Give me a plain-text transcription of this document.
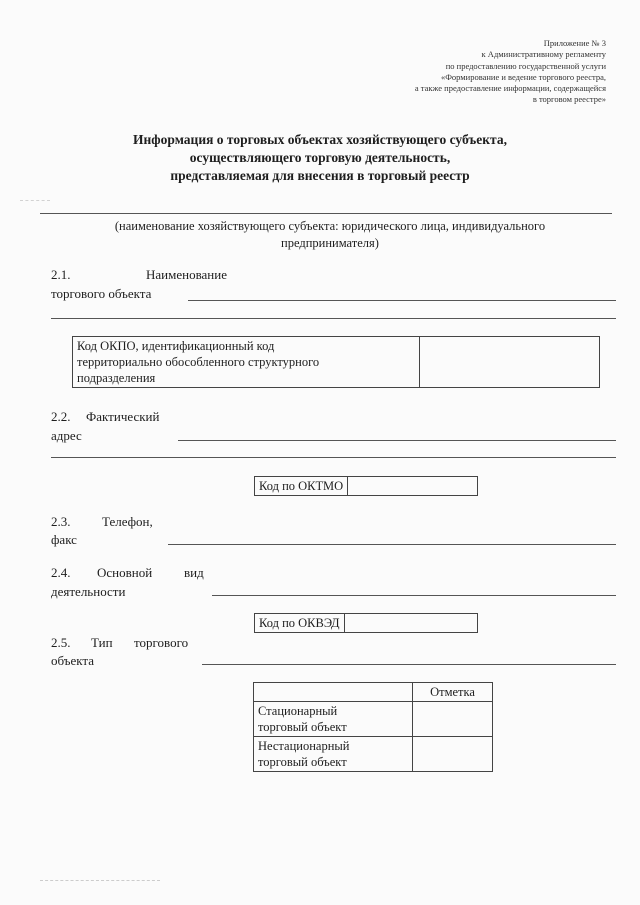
Приложение № 3
к Административному регламенту
по предоставлению государственной услуги
«Формирование и ведение торгового реестра,
а также предоставление информации, содержащейся
в торговом реестре»
Информация о торговых объектах хозяйствующего субъекта,
осуществляющего торговую деятельность,
представляемая для внесения в торговый реестр
(наименование хозяйствующего субъекта: юридического лица, индивидуального
предпринимателя)
2.1.	Наименование
торгового объекта
Код ОКПО, идентификационный код
территориально обособленного структурного
подразделения

2.2. Фактический
адрес
Код по ОКТМО
2.3. Телефон,
факс
2.4. Основной вид
деятельности
Код по ОКВЭД
2.5. Тип торгового
объекта
	Отметка

Стационарный
торговый объект	

Нестационарный
торговый объект	
